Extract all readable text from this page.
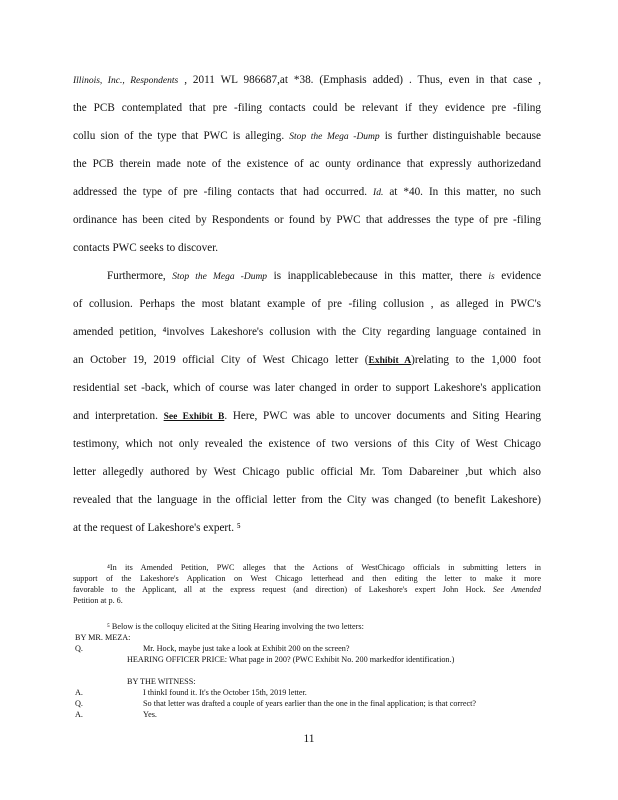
Illinois, Inc., Respondents , 2011 WL 986687,at *38. (Emphasis added) . Thus, even in that case ,
the PCB contemplated that pre -filing contacts could be relevant if they evidence pre -filing
collu sion of the type that PWC is alleging. Stop the Mega -Dump is further distinguishable because
the PCB therein made note of the existence of ac ounty ordinance that expressly authorizedand
addressed the type of pre -filing contacts that had occurred. Id. at *40. In this matter, no such
ordinance has been cited by Respondents or found by PWC that addresses the type of pre -filing
contacts PWC seeks to discover.
Furthermore, Stop the Mega -Dump is inapplicablebecause in this matter, there is evidence
of collusion. Perhaps the most blatant example of pre -filing collusion , as alleged in PWC's
amended petition, ⁴involves Lakeshore's collusion with the City regarding language contained in
an October 19, 2019 official City of West Chicago letter (Exhibit A)relating to the 1,000 foot
residential set -back, which of course was later changed in order to support Lakeshore's application
and interpretation. See Exhibit B. Here, PWC was able to uncover documents and Siting Hearing
testimony, which not only revealed the existence of two versions of this City of West Chicago
letter allegedly authored by West Chicago public official Mr. Tom Dabareiner ,but which also
revealed that the language in the official letter from the City was changed (to benefit Lakeshore)
at the request of Lakeshore's expert. ⁵
⁴In its Amended Petition, PWC alleges that the Actions of WestChicago officials in submitting letters in
support of the Lakeshore's Application on West Chicago letterhead and then editing the letter to make it more
favorable to the Applicant, all at the express request (and direction) of Lakeshore's expert John Hock. See Amended
Petition at p. 6.
⁵ Below is the colloquy elicited at the Siting Hearing involving the two letters:
BY MR. MEZA:
Q.	Mr. Hock, maybe just take a look at Exhibit 200 on the screen?
HEARING OFFICER PRICE: What page in 200? (PWC Exhibit No. 200 markedfor identification.)
BY THE WITNESS:
A.	I thinkI found it. It's the October 15th, 2019 letter.
Q.	So that letter was drafted a couple of years earlier than the one in the final application; is that correct?
A.	Yes.
11
